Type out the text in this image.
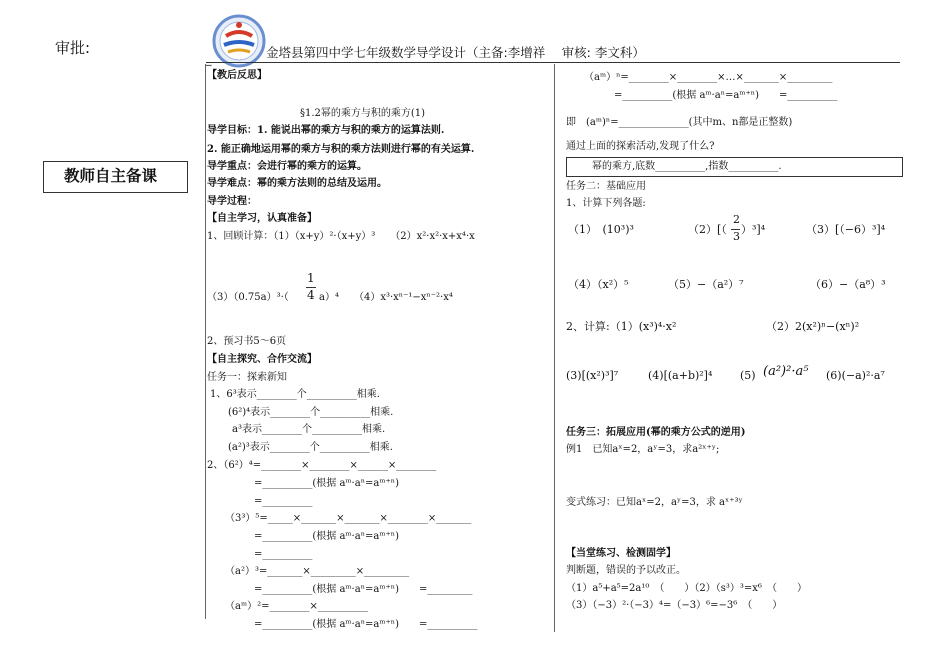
审批:
_	金塔县第四中学七年级数学导学设计（主备:李增祥　 审核: 李文科）
教师自主备课
【教后反思】
§1.2幂的乘方与积的乘方(1)
导学目标：1. 能说出幂的乘方与积的乘方的运算法则.
2. 能正确地运用幂的乘方与积的乘方法则进行幂的有关运算.
导学重点：会进行幂的乘方的运算。
导学难点：幂的乘方法则的总结及运用。
导学过程：
【自主学习，认真准备】
1、回顾计算：（1）（x+y）²·（x+y）³　　（2）x²·x²·x+x⁴·x
1
4
（3）（0.75a）³·（	a）⁴　　（4）x³·xⁿ⁻¹−xⁿ⁻²·x⁴
2、预习书5～6页
【自主探究、合作交流】
任务一：探索新知
1、6³表示________个__________相乘.
(6²)⁴表示________个__________相乘.
a³表示________个__________相乘.
(a²)³表示________个__________相乘.
2、（6²）⁴=________×________×______×________
=__________(根据 aᵐ·aⁿ=aᵐ⁺ⁿ)
=__________
（3³）⁵=_____×_______×_______×________×_______
=__________(根据 aᵐ·aⁿ=aᵐ⁺ⁿ)
=__________
（a²）³=_______×_________×_________
=__________(根据 aᵐ·aⁿ=aᵐ⁺ⁿ)　　=_________
（aᵐ）²=________×__________
=__________(根据 aᵐ·aⁿ=aᵐ⁺ⁿ)　　=__________
（aᵐ）ⁿ=________×________×…×_______×_________
=__________(根据 aᵐ·aⁿ=aᵐ⁺ⁿ)　　=__________
即　(aᵐ)ⁿ=______________(其中m、n都是正整数)
通过上面的探索活动,发现了什么?
幂的乘方,底数__________,指数__________.
任务二：基础应用
1、计算下列各题:
（1）　(10³)³	（2）[（
2
3
）³]⁴	（3）[（−6）³]⁴
（4）（x²）⁵	（5）−（a²）⁷	（6）−（a⁸）³
2、计算:（1）(x³)⁴·x²	（2）2(x²)ⁿ−(xⁿ)²
(3)[(x²)³]⁷	(4)[(a+b)²]⁴	(5) (a²)²·a⁵ (6)(−a)²·a⁷
任务三：拓展应用(幂的乘方公式的逆用)
例1　已知aˣ=2，aʸ=3，求a²ˣ⁺ʸ;
变式练习：已知aˣ=2，aʸ=3，求 aˣ⁺³ʸ
【当堂练习、检测固学】
判断题，错误的予以改正。
（1）a⁵+a⁵=2a¹⁰　（　　）（2）（s³）³=x⁶　（　　）
（3）（−3）²·（−3）⁴=（−3）⁶=−3⁶　（　　）
